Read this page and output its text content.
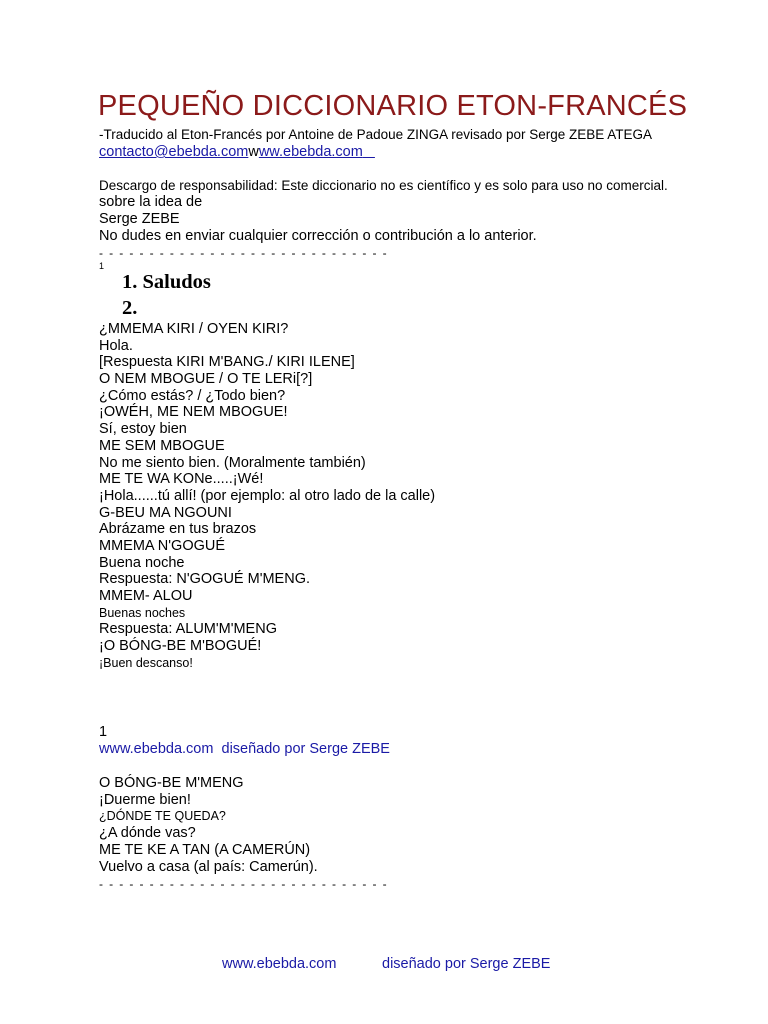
PEQUEÑO DICCIONARIO ETON-FRANCÉS
-Traducido al Eton-Francés por Antoine de Padoue ZINGA revisado por Serge ZEBE ATEGA
contacto@ebebda.comwww.ebebda.com
Descargo de responsabilidad: Este diccionario no es científico y es solo para uso no comercial.
sobre la idea de
Serge ZEBE
No dudes en enviar cualquier corrección o contribución a lo anterior.
- - - - - - - - - - - - - - - - - - - - - - - - - - - - -
1
1. Saludos
2.
¿MMEMA KIRI / OYEN KIRI?
Hola.
[Respuesta KIRI M'BANG./ KIRI ILENE]
O NEM MBOGUE / O TE LERi[?]
¿Cómo estás? / ¿Todo bien?
¡OWÉH, ME NEM MBOGUE!
Sí, estoy bien
ME SEM MBOGUE
No me siento bien. (Moralmente también)
ME TE WA KONe.....¡Wé!
¡Hola......tú allí! (por ejemplo: al otro lado de la calle)
G-BEU MA NGOUNI
Abrázame en tus brazos
MMEMA N'GOGUÉ
Buena noche
Respuesta: N'GOGUÉ M'MENG.
MMEM- ALOU
Buenas noches
Respuesta: ALUM'M'MENG
¡O BÓNG-BE M'BOGUÉ!
¡Buen descanso!
1
www.ebebda.com  diseñado por Serge ZEBE
O BÓNG-BE M'MENG
¡Duerme bien!
¿DÓNDE TE QUEDA?
¿A dónde vas?
ME TE KE A TAN (A CAMERÚN)
Vuelvo a casa (al país: Camerún).
- - - - - - - - - - - - - - - - - - - - - - - - - - - - -
www.ebebda.com	diseñado por Serge ZEBE
